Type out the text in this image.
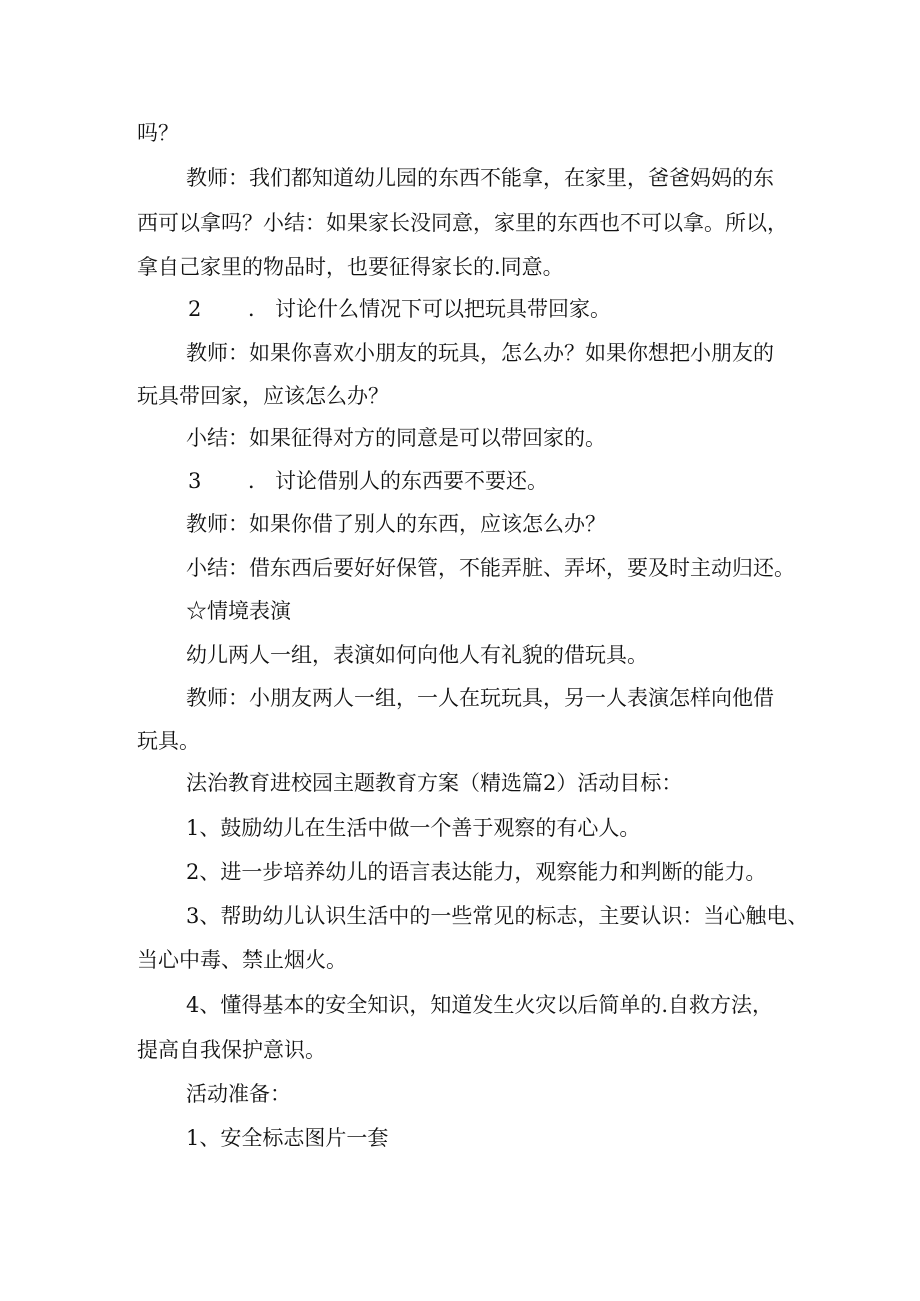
吗？
教师：我们都知道幼儿园的东西不能拿，在家里，爸爸妈妈的东
西可以拿吗？小结：如果家长没同意，家里的东西也不可以拿。所以，
拿自己家里的物品时，也要征得家长的.同意。
2 ． 讨论什么情况下可以把玩具带回家。
教师：如果你喜欢小朋友的玩具，怎么办？如果你想把小朋友的
玩具带回家，应该怎么办？
小结：如果征得对方的同意是可以带回家的。
3 ． 讨论借别人的东西要不要还。
教师：如果你借了别人的东西，应该怎么办？
小结：借东西后要好好保管，不能弄脏、弄坏，要及时主动归还。
☆情境表演
幼儿两人一组，表演如何向他人有礼貌的借玩具。
教师：小朋友两人一组，一人在玩玩具，另一人表演怎样向他借
玩具。
法治教育进校园主题教育方案（精选篇2）活动目标：
1、鼓励幼儿在生活中做一个善于观察的有心人。
2、进一步培养幼儿的语言表达能力，观察能力和判断的能力。
3、帮助幼儿认识生活中的一些常见的标志，主要认识：当心触电、
当心中毒、禁止烟火。
4、懂得基本的安全知识，知道发生火灾以后简单的.自救方法，
提高自我保护意识。
活动准备：
1、安全标志图片一套
